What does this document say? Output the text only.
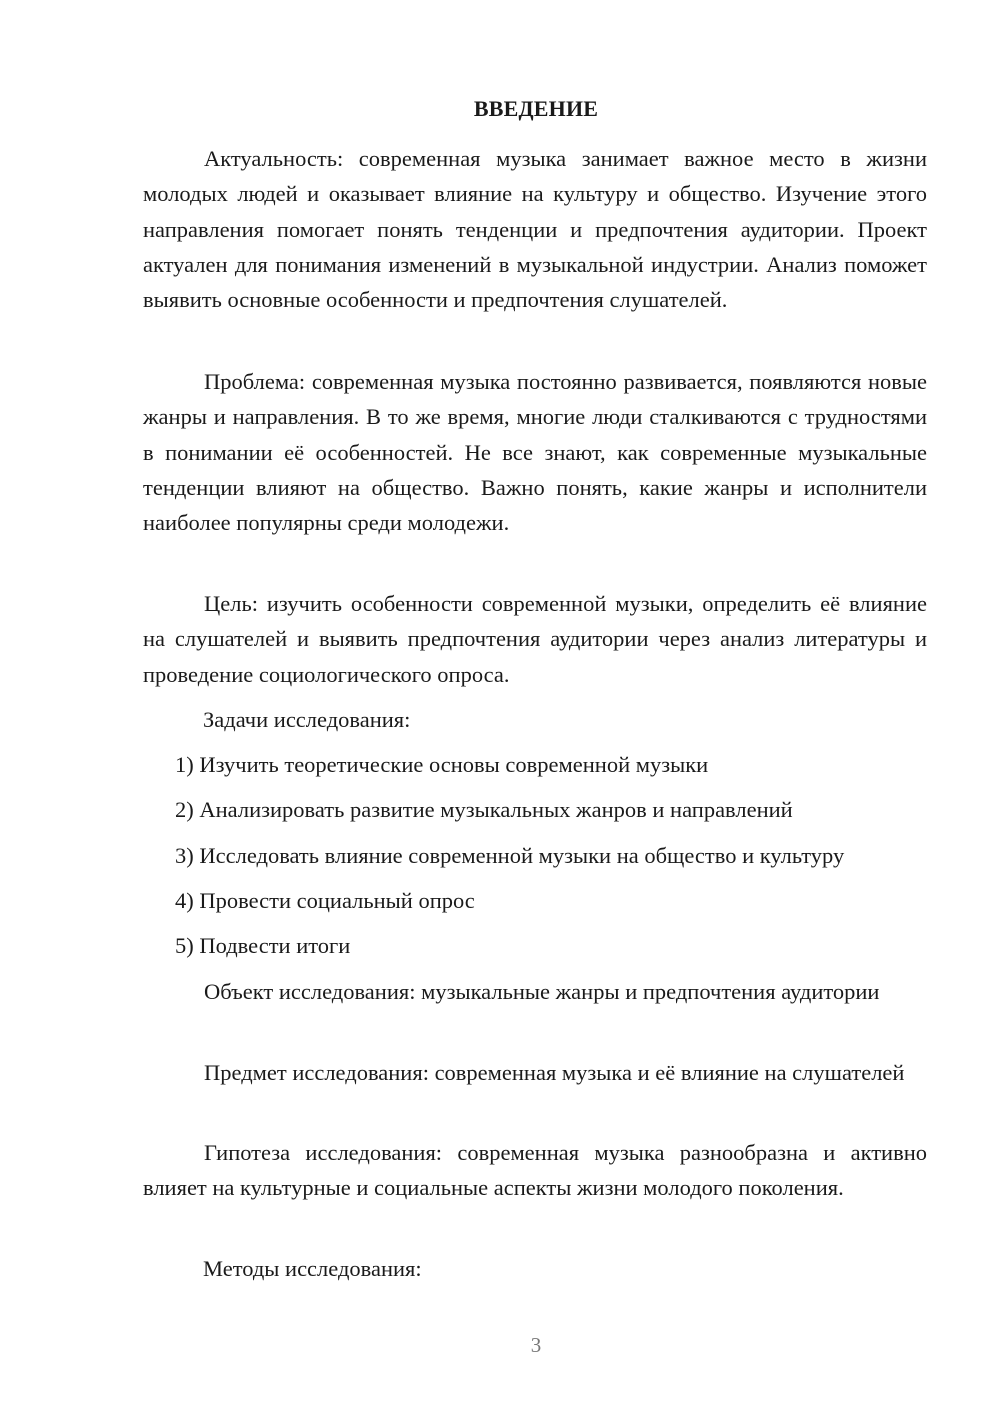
ВВЕДЕНИЕ

Актуальность: современная музыка занимает важное место в жизни молодых людей и оказывает влияние на культуру и общество. Изучение этого направления помогает понять тенденции и предпочтения аудитории. Проект актуален для понимания изменений в музыкальной индустрии. Анализ поможет выявить основные особенности и предпочтения слушателей.

Проблема: современная музыка постоянно развивается, появляются новые жанры и направления. В то же время, многие люди сталкиваются с трудностями в понимании её особенностей. Не все знают, как современные музыкальные тенденции влияют на общество. Важно понять, какие жанры и исполнители наиболее популярны среди молодежи.

Цель: изучить особенности современной музыки, определить её влияние на слушателей и выявить предпочтения аудитории через анализ литературы и проведение социологического опроса.

Задачи исследования:

1) Изучить теоретические основы современной музыки

2) Анализировать развитие музыкальных жанров и направлений

3) Исследовать влияние современной музыки на общество и культуру

4) Провести социальный опрос

5) Подвести итоги

Объект исследования: музыкальные жанры и предпочтения аудитории

Предмет исследования: современная музыка и её влияние на слушателей

Гипотеза исследования: современная музыка разнообразна и активно влияет на культурные и социальные аспекты жизни молодого поколения.

Методы исследования:

3
